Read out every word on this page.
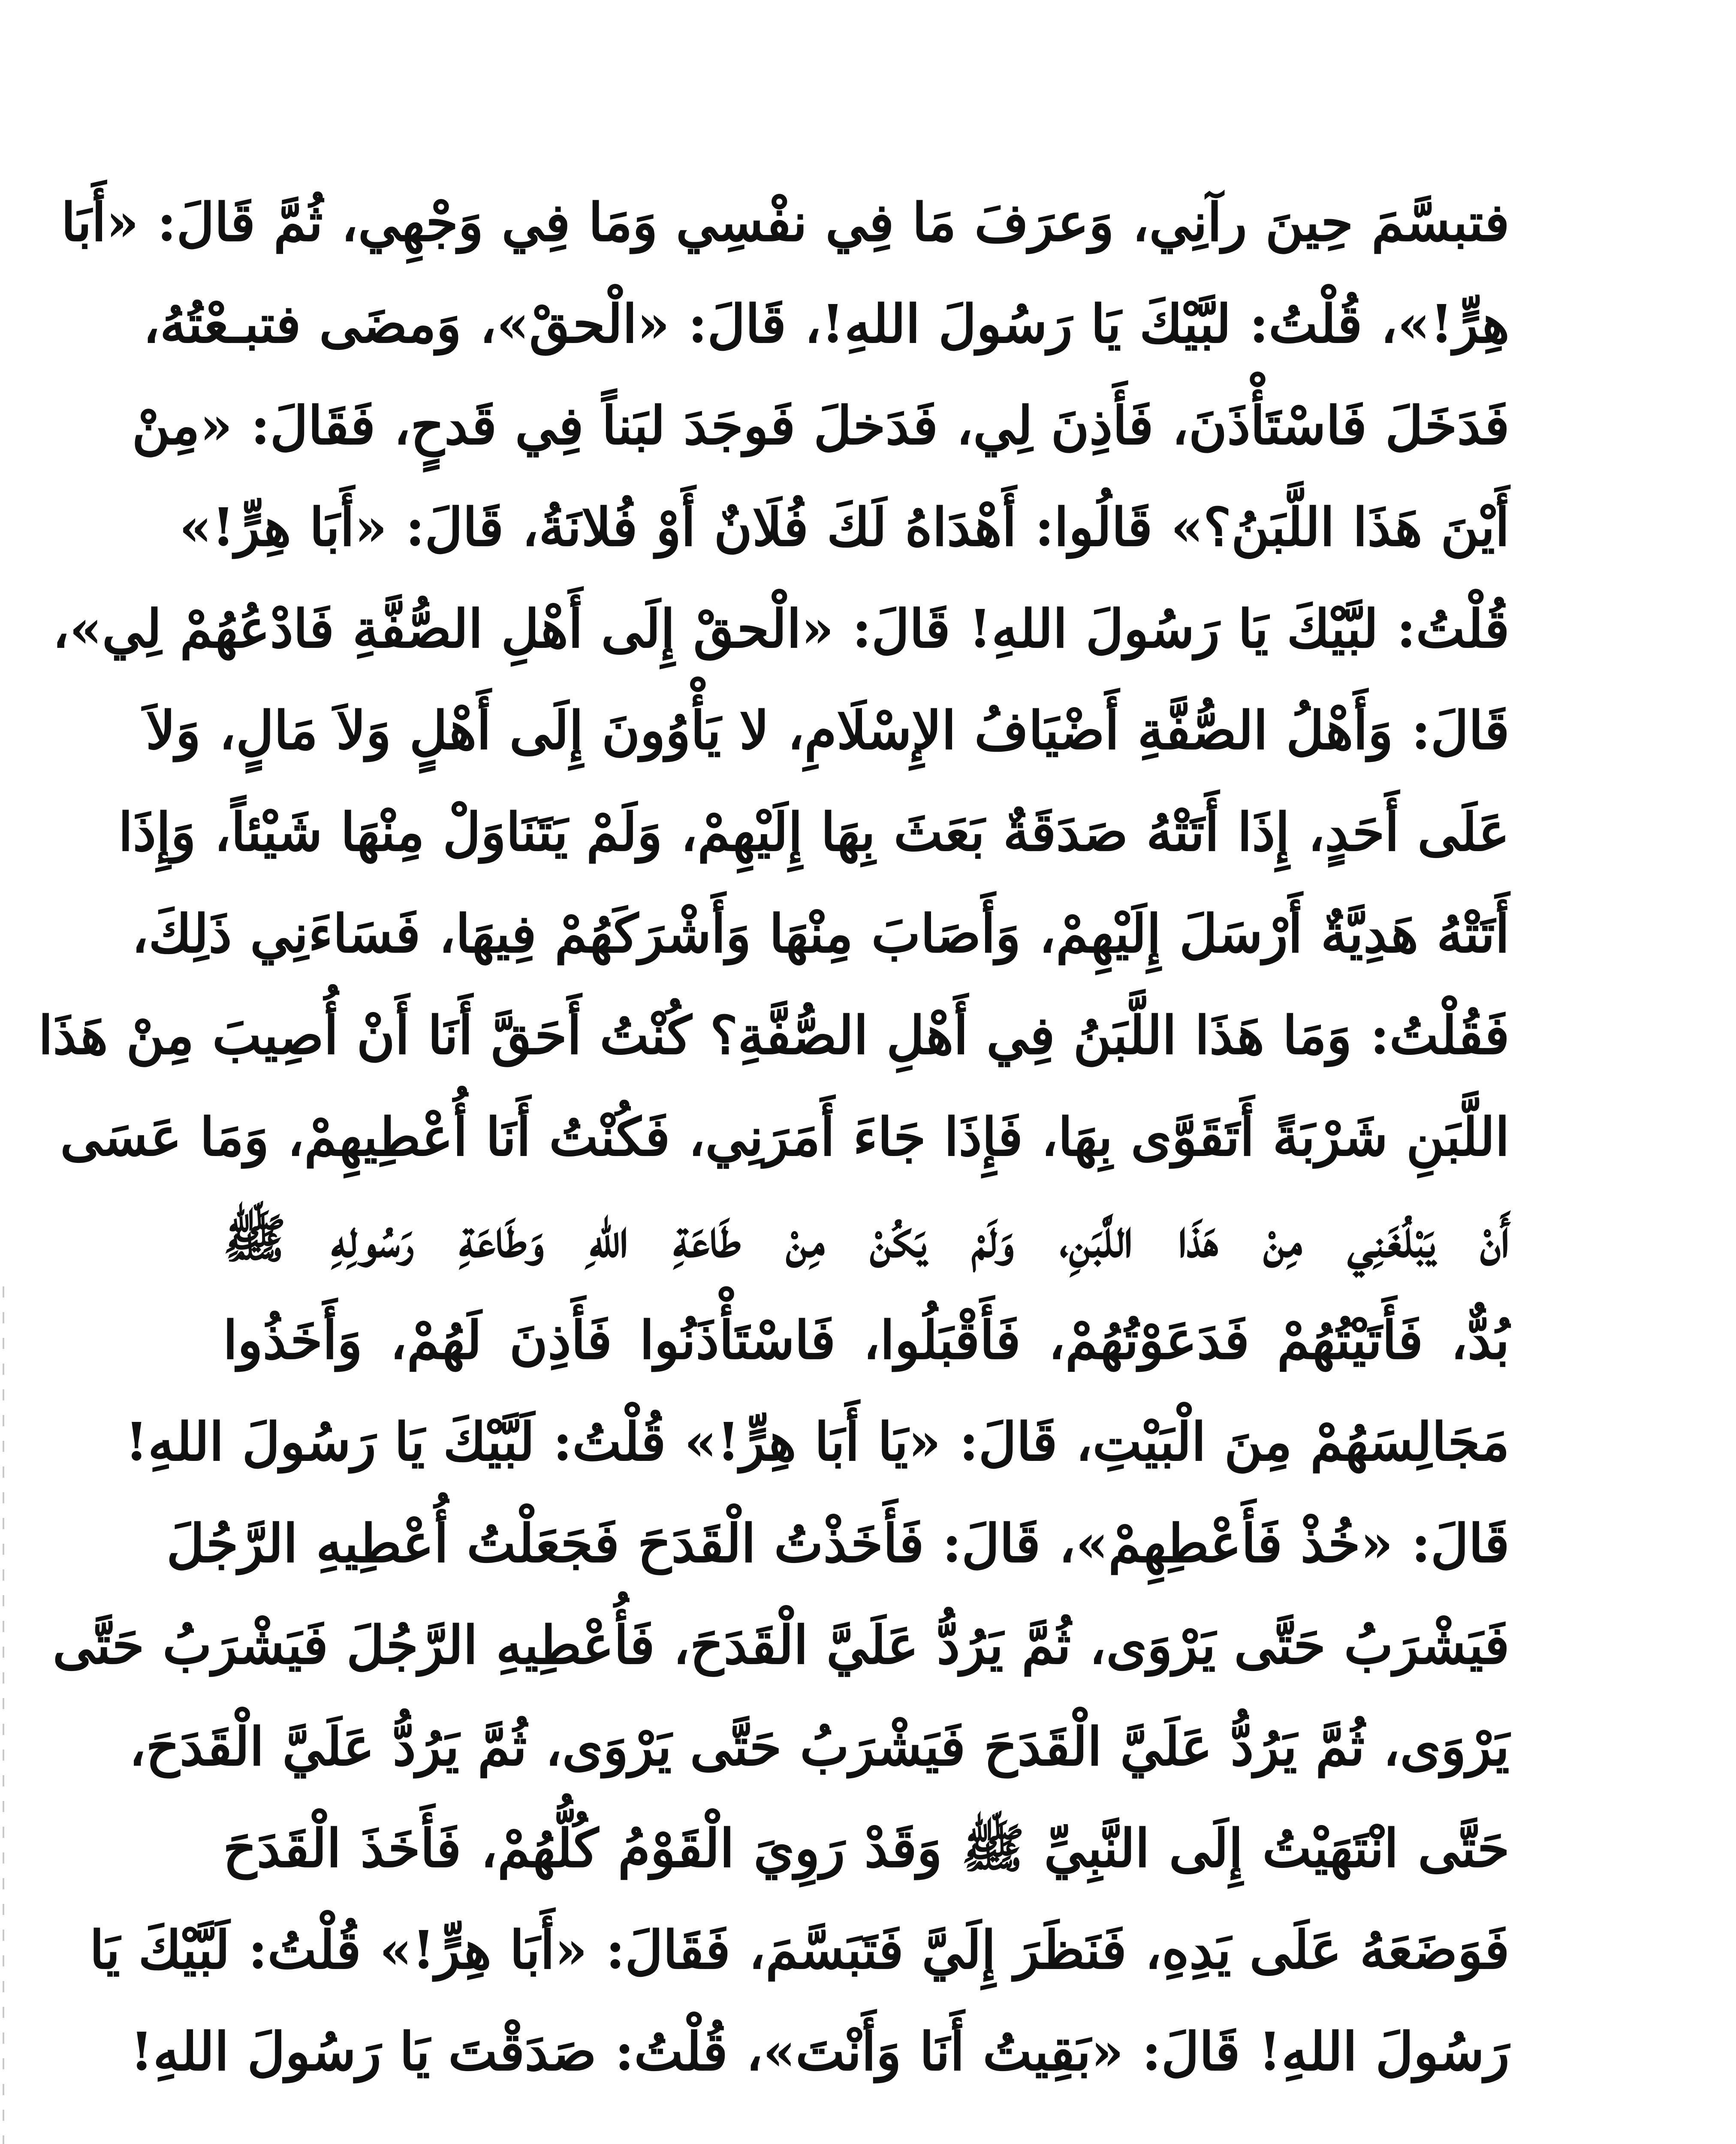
فتبسَّمَ حِينَ رآنِي، وَعرَفَ مَا فِي نفْسِي وَمَا فِي وَجْهِي، ثُمَّ قَالَ: «أَبَا
هِرٍّ!»، قُلْتُ: لبَّيْكَ يَا رَسُولَ اللهِ!، قَالَ: «الْحقْ»، وَمضَى فتبـعْتُهُ،
فَدَخَلَ فَاسْتَأْذَنَ، فَأَذِنَ لِي، فَدَخلَ فَوجَدَ لبَناً فِي قَدحٍ، فَقَالَ: «مِنْ
أَيْنَ هَذَا اللَّبَنُ؟» قَالُوا: أَهْدَاهُ لَكَ فُلَانٌ أَوْ فُلانَةُ، قَالَ: «أَبَا هِرٍّ!»
قُلْتُ: لبَّيْكَ يَا رَسُولَ اللهِ! قَالَ: «الْحقْ إِلَى أَهْلِ الصُّفَّةِ فَادْعُهُمْ لِي»،
قَالَ: وَأَهْلُ الصُّفَّةِ أَضْيَافُ الإِسْلَامِ، لا يَأْوُونَ إِلَى أَهْلٍ وَلاَ مَالٍ، وَلاَ
عَلَى أَحَدٍ، إِذَا أَتَتْهُ صَدَقَةٌ بَعَثَ بِهَا إِلَيْهِمْ، وَلَمْ يَتَنَاوَلْ مِنْهَا شَيْئاً، وَإِذَا
أَتَتْهُ هَدِيَّةٌ أَرْسَلَ إِلَيْهِمْ، وَأَصَابَ مِنْهَا وَأَشْرَكَهُمْ فِيهَا، فَسَاءَنِي ذَلِكَ،
فَقُلْتُ: وَمَا هَذَا اللَّبَنُ فِي أَهْلِ الصُّفَّةِ؟ كُنْتُ أَحَقَّ أَنَا أَنْ أُصِيبَ مِنْ هَذَا
اللَّبَنِ شَرْبَةً أَتَقَوَّى بِهَا، فَإِذَا جَاءَ أَمَرَنِي، فَكُنْتُ أَنَا أُعْطِيهِمْ، وَمَا عَسَى
أَنْ يَبْلُغَنِي مِنْ هَذَا اللَّبَنِ، وَلَمْ يَكُنْ مِنْ طَاعَةِ اللهِ وَطَاعَةِ رَسُولِهِ ﷺ
بُدٌّ، فَأَتَيْتُهُمْ فَدَعَوْتُهُمْ، فَأَقْبَلُوا، فَاسْتَأْذَنُوا فَأَذِنَ لَهُمْ، وَأَخَذُوا
مَجَالِسَهُمْ مِنَ الْبَيْتِ، قَالَ: «يَا أَبَا هِرٍّ!» قُلْتُ: لَبَّيْكَ يَا رَسُولَ اللهِ!
قَالَ: «خُذْ فَأَعْطِهِمْ»، قَالَ: فَأَخَذْتُ الْقَدَحَ فَجَعَلْتُ أُعْطِيهِ الرَّجُلَ
فَيَشْرَبُ حَتَّى يَرْوَى، ثُمَّ يَرُدُّ عَلَيَّ الْقَدَحَ، فَأُعْطِيهِ الرَّجُلَ فَيَشْرَبُ حَتَّى
يَرْوَى، ثُمَّ يَرُدُّ عَلَيَّ الْقَدَحَ فَيَشْرَبُ حَتَّى يَرْوَى، ثُمَّ يَرُدُّ عَلَيَّ الْقَدَحَ،
حَتَّى انْتَهَيْتُ إِلَى النَّبِيِّ ﷺ وَقَدْ رَوِيَ الْقَوْمُ كُلُّهُمْ، فَأَخَذَ الْقَدَحَ
فَوَضَعَهُ عَلَى يَدِهِ، فَنَظَرَ إِلَيَّ فَتَبَسَّمَ، فَقَالَ: «أَبَا هِرٍّ!» قُلْتُ: لَبَّيْكَ يَا
رَسُولَ اللهِ! قَالَ: «بَقِيتُ أَنَا وَأَنْتَ»، قُلْتُ: صَدَقْتَ يَا رَسُولَ اللهِ!
